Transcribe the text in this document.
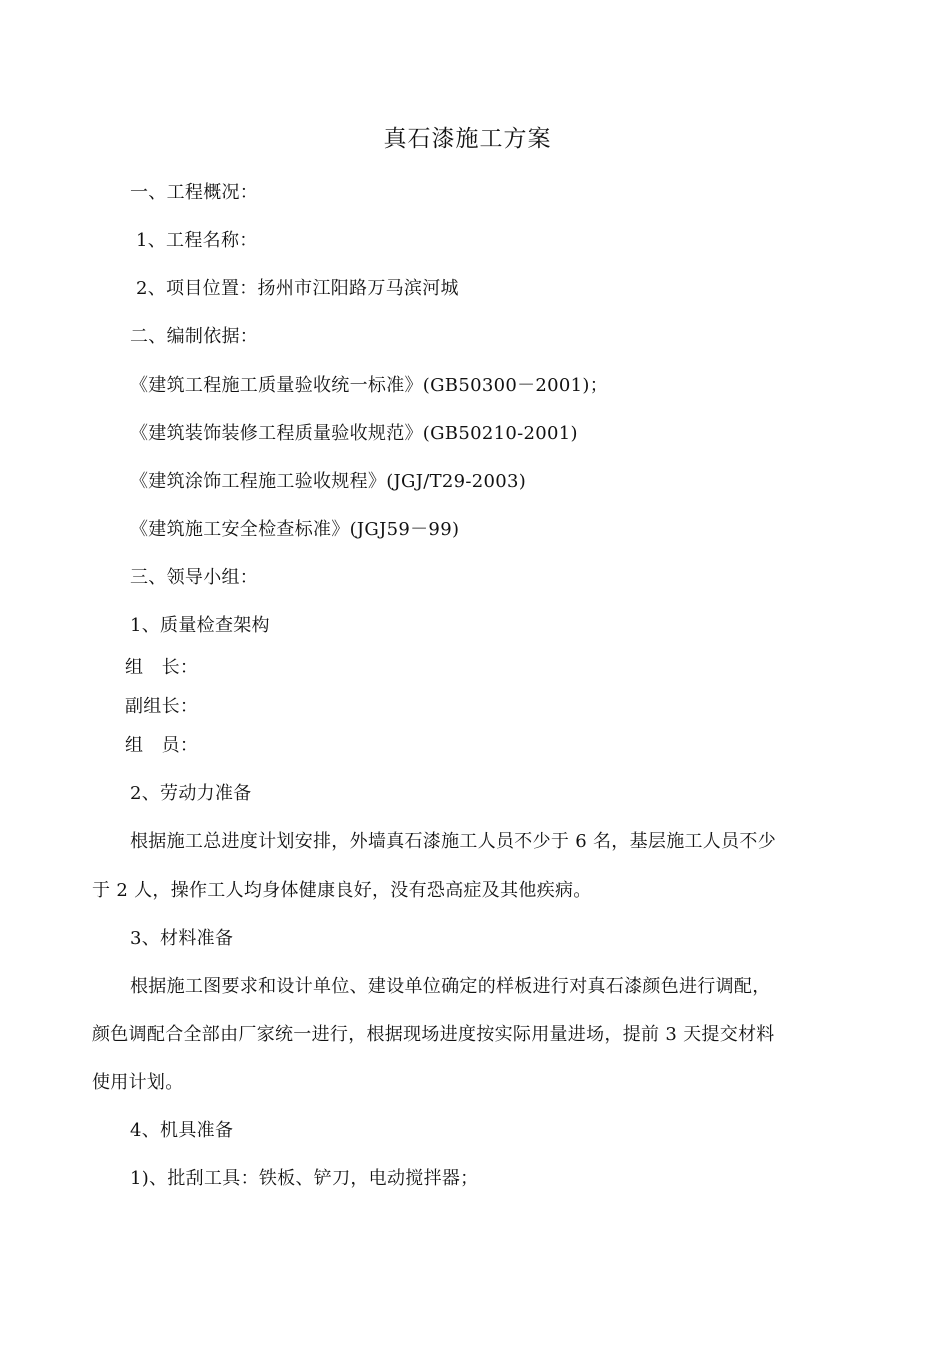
真石漆施工方案
一、工程概况：
1、工程名称：
2、项目位置：扬州市江阳路万马滨河城
二、编制依据：
《建筑工程施工质量验收统一标准》(GB50300－2001)；
《建筑装饰装修工程质量验收规范》(GB50210-2001)
《建筑涂饰工程施工验收规程》(JGJ/T29-2003)
《建筑施工安全检查标准》(JGJ59－99)
三、领导小组：
1、质量检查架构
组　长：
副组长：
组　员：
2、劳动力准备
根据施工总进度计划安排，外墙真石漆施工人员不少于 6 名，基层施工人员不少
于 2 人，操作工人均身体健康良好，没有恐高症及其他疾病。
3、材料准备
根据施工图要求和设计单位、建设单位确定的样板进行对真石漆颜色进行调配，
颜色调配合全部由厂家统一进行，根据现场进度按实际用量进场，提前 3 天提交材料
使用计划。
4、机具准备
1)、批刮工具：铁板、铲刀，电动搅拌器；
